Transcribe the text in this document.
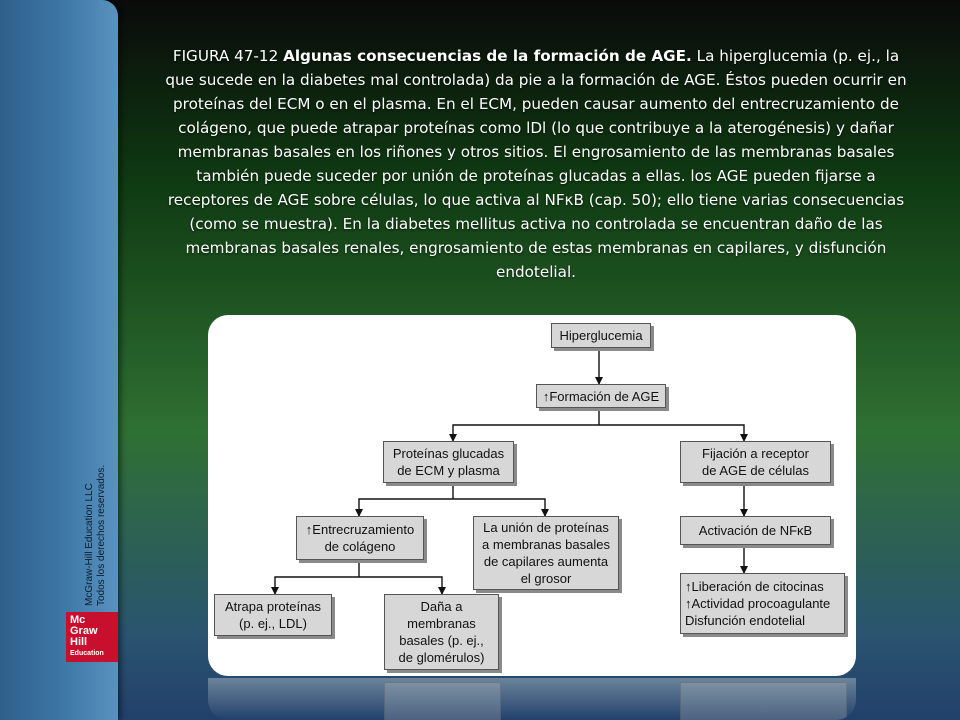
McGraw-Hill Education LLC Todos los derechos reservados.
Mc
Graw
Hill
Education
FIGURA 47-12 Algunas consecuencias de la formación de AGE. La hiperglucemia (p. ej., la que sucede en la diabetes mal controlada) da pie a la formación de AGE. Éstos pueden ocurrir en proteínas del ECM o en el plasma. En el ECM, pueden causar aumento del entrecruzamiento de colágeno, que puede atrapar proteínas como lDl (lo que contribuye a la aterogénesis) y dañar membranas basales en los riñones y otros sitios. El engrosamiento de las membranas basales también puede suceder por unión de proteínas glucadas a ellas. los AGE pueden fijarse a receptores de AGE sobre células, lo que activa al NFκB (cap. 50); ello tiene varias consecuencias (como se muestra). En la diabetes mellitus activa no controlada se encuentran daño de las membranas basales renales, engrosamiento de estas membranas en capilares, y disfunción endotelial.
Hiperglucemia
↑Formación de AGE
Proteínas glucadas
de ECM y plasma
Fijación a receptor
de AGE de células
↑Entrecruzamiento
de colágeno
La unión de proteínas
a membranas basales
de capilares aumenta
el grosor
Activación de NFκB
Atrapa proteínas
(p. ej., LDL)
Daña a
membranas
basales (p. ej.,
de glomérulos)
↑Liberación de citocinas
↑Actividad procoagulante
Disfunción endotelial
